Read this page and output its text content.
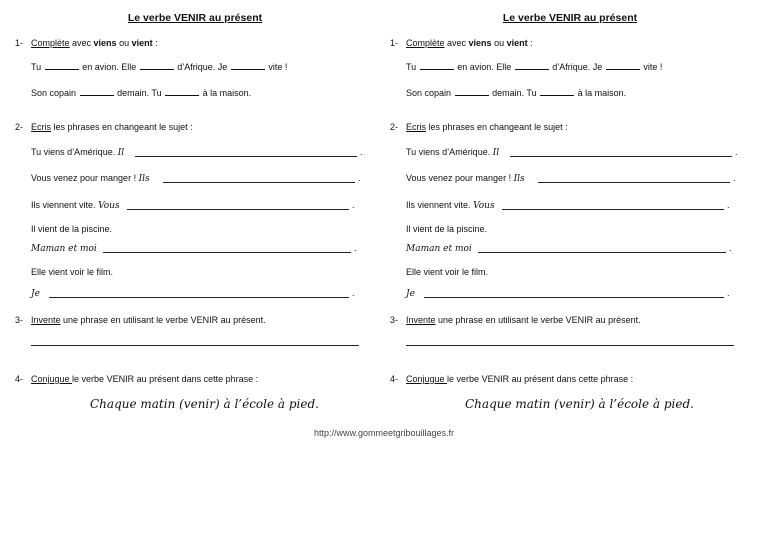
Le verbe VENIR au présent
1- Complète avec viens ou vient :
Tu	en avion. Elle	d’Afrique. Je	vite !
Son copain	demain. Tu	à la maison.
2- Ecris les phrases en changeant le sujet :
Tu viens d’Amérique. Il	.
Vous venez pour manger ! Ils	.
Ils viennent vite. Vous	.
Il vient de la piscine.
Maman et moi	.
Elle vient voir le film.
Je	.
3- Invente une phrase en utilisant le verbe VENIR au présent.
4- Conjugue le verbe VENIR au présent dans cette phrase :
Chaque matin (venir) à l’école à pied.
Le verbe VENIR au présent
1- Complète avec viens ou vient :
Tu	en avion. Elle	d’Afrique. Je	vite !
Son copain	demain. Tu	à la maison.
2- Ecris les phrases en changeant le sujet :
Tu viens d’Amérique. Il	.
Vous venez pour manger ! Ils	.
Ils viennent vite. Vous	.
Il vient de la piscine.
Maman et moi	.
Elle vient voir le film.
Je	.
3- Invente une phrase en utilisant le verbe VENIR au présent.
4- Conjugue le verbe VENIR au présent dans cette phrase :
Chaque matin (venir) à l’école à pied.
http://www.gommeetgribouillages.fr
